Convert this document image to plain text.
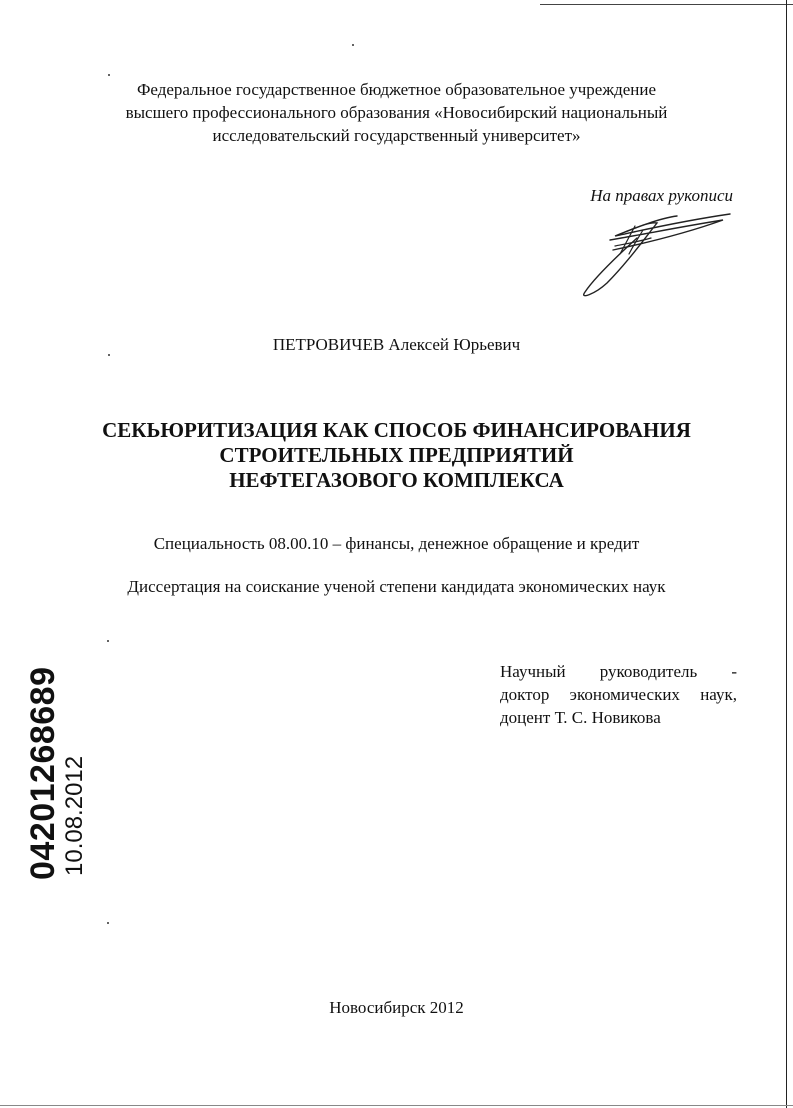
Федеральное государственное бюджетное образовательное учреждение
высшего профессионального образования «Новосибирский национальный
исследовательский государственный университет»
На правах рукописи
ПЕТРОВИЧЕВ Алексей Юрьевич
СЕКЬЮРИТИЗАЦИЯ КАК СПОСОБ ФИНАНСИРОВАНИЯ
СТРОИТЕЛЬНЫХ ПРЕДПРИЯТИЙ
НЕФТЕГАЗОВОГО КОМПЛЕКСА
Специальность 08.00.10 – финансы, денежное обращение и кредит
Диссертация на соискание ученой степени кандидата экономических наук
Научный руководитель -
доктор экономических наук,
доцент Т. С. Новикова
04201268689 10.08.2012
Новосибирск 2012
